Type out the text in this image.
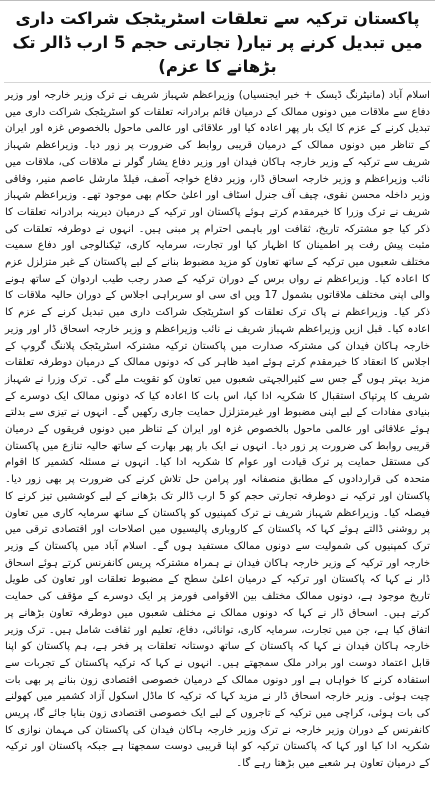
پاکستان ترکیہ سے تعلقات اسٹریٹجک شراکت داری میں تبدیل کرنے پر تیار( تجارتی حجم 5 ارب ڈالر تک بڑھانے کا عزم)

اسلام آباد (مانیٹرنگ ڈیسک + خبر ایجنسیاں) وزیراعظم شہباز شریف نے ترک وزیر خارجہ اور وزیر دفاع سے ملاقات میں دونوں ممالک کے درمیان قائم برادرانہ تعلقات کو اسٹریٹجک شراکت داری میں تبدیل کرنے کے عزم کا ایک بار پھر اعادہ کیا اور علاقائی اور عالمی ماحول بالخصوص غزہ اور ایران کے تناظر میں دونوں ممالک کے درمیان قریبی روابط کی ضرورت پر زور دیا۔ وزیراعظم شہباز شریف سے ترکیہ کے وزیر خارجہ ہاکان فیدان اور وزیر دفاع یشار گولر نے ملاقات کی، ملاقات میں نائب وزیراعظم و وزیر خارجہ اسحاق ڈار، وزیر دفاع خواجہ آصف، فیلڈ مارشل عاصم منیر، وفاقی وزیر داخلہ محسن نقوی، چیف آف جنرل اسٹاف اور اعلیٰ حکام بھی موجود تھے۔ وزیراعظم شہباز شریف نے ترک وزرا کا خیرمقدم کرتے ہوئے پاکستان اور ترکیہ کے درمیان دیرینہ برادرانہ تعلقات کا ذکر کیا جو مشترکہ تاریخ، ثقافت اور باہمی احترام پر مبنی ہیں۔ انہوں نے دوطرفہ تعلقات کی مثبت پیش رفت پر اطمینان کا اظہار کیا اور تجارت، سرمایہ کاری، ٹیکنالوجی اور دفاع سمیت مختلف شعبوں میں ترکیہ کے ساتھ تعاون کو مزید مضبوط بنانے کے لیے پاکستان کے غیر متزلزل عزم کا اعادہ کیا۔ وزیراعظم نے رواں برس کے دوران ترکیہ کے صدر رجب طیب اردوان کے ساتھ ہونے والی اپنی مختلف ملاقاتوں بشمول 17 ویں ای سی او سربراہی اجلاس کے دوران حالیہ ملاقات کا ذکر کیا۔ وزیراعظم نے پاک ترک تعلقات کو اسٹریٹجک شراکت داری میں تبدیل کرنے کے عزم کا اعادہ کیا۔ قبل ازیں وزیراعظم شہباز شریف نے نائب وزیراعظم و وزیر خارجہ اسحاق ڈار اور وزیر خارجہ ہاکان فیدان کی مشترکہ صدارت میں پاکستان ترکیہ مشترکہ اسٹریٹجک پلاننگ گروپ کے اجلاس کا انعقاد کا خیرمقدم کرتے ہوئے امید ظاہر کی کہ دونوں ممالک کے درمیان دوطرفہ تعلقات مزید بہتر ہوں گے جس سے کثیرالجہتی شعبوں میں تعاون کو تقویت ملے گی۔ ترک وزرا نے شہباز شریف کا پرتپاک استقبال کا شکریہ ادا کیا، اس بات کا اعادہ کیا کہ دونوں ممالک ایک دوسرے کے بنیادی مفادات کے لیے اپنی مضبوط اور غیرمتزلزل حمایت جاری رکھیں گے۔ انہوں نے تیزی سے بدلتے ہوئے علاقائی اور عالمی ماحول بالخصوص غزہ اور ایران کے تناظر میں دونوں فریقوں کے درمیان قریبی روابط کی ضرورت پر زور دیا۔ انہوں نے ایک بار پھر بھارت کے ساتھ حالیہ تنازع میں پاکستان کی مستقل حمایت پر ترک قیادت اور عوام کا شکریہ ادا کیا۔ انہوں نے مسئلہ کشمیر کا اقوام متحدہ کی قراردادوں کے مطابق منصفانہ اور پرامن حل تلاش کرنے کی ضرورت پر بھی زور دیا۔ پاکستان اور ترکیہ نے دوطرفہ تجارتی حجم کو 5 ارب ڈالر تک بڑھانے کے لیے کوششیں تیز کرنے کا فیصلہ کیا۔ وزیراعظم شہباز شریف نے ترک کمپنیوں کو پاکستان کے ساتھ سرمایہ کاری میں تعاون پر روشنی ڈالتے ہوئے کہا کہ پاکستان کے کاروباری پالیسیوں میں اصلاحات اور اقتصادی ترقی میں ترک کمپنیوں کی شمولیت سے دونوں ممالک مستفید ہوں گے۔ اسلام آباد میں پاکستان کے وزیر خارجہ اور ترکیہ کے وزیر خارجہ ہاکان فیدان نے ہمراہ مشترکہ پریس کانفرنس کرتے ہوئے اسحاق ڈار نے کہا کہ پاکستان اور ترکیہ کے درمیان اعلیٰ سطح کے مضبوط تعلقات اور تعاون کی طویل تاریخ موجود ہے، دونوں ممالک مختلف بین الاقوامی فورمز پر ایک دوسرے کے مؤقف کی حمایت کرتے ہیں۔ اسحاق ڈار نے کہا کہ دونوں ممالک نے مختلف شعبوں میں دوطرفہ تعاون بڑھانے پر اتفاق کیا ہے، جن میں تجارت، سرمایہ کاری، توانائی، دفاع، تعلیم اور ثقافت شامل ہیں۔ ترک وزیر خارجہ ہاکان فیدان نے کہا کہ پاکستان کے ساتھ دوستانہ تعلقات پر فخر ہے، ہم پاکستان کو اپنا قابل اعتماد دوست اور برادر ملک سمجھتے ہیں۔ انہوں نے کہا کہ ترکیہ پاکستان کے تجربات سے استفادہ کرنے کا خواہاں ہے اور دونوں ممالک کے درمیان خصوصی اقتصادی زون بنانے پر بھی بات چیت ہوئی۔ وزیر خارجہ اسحاق ڈار نے مزید کہا کہ ترکیہ کا ماڈل اسکول آزاد کشمیر میں کھولنے کی بات ہوئی، کراچی میں ترکیہ کے تاجروں کے لیے ایک خصوصی اقتصادی زون بنایا جائے گا، پریس کانفرنس کے دوران وزیر خارجہ نے ترک وزیر خارجہ ہاکان فیدان کی پاکستان کی مہمان نوازی کا شکریہ ادا کیا اور کہا کہ پاکستان ترکیہ کو اپنا قریبی دوست سمجھتا ہے جبکہ پاکستان اور ترکیہ کے درمیان تعاون ہر شعبے میں بڑھتا رہے گا۔
